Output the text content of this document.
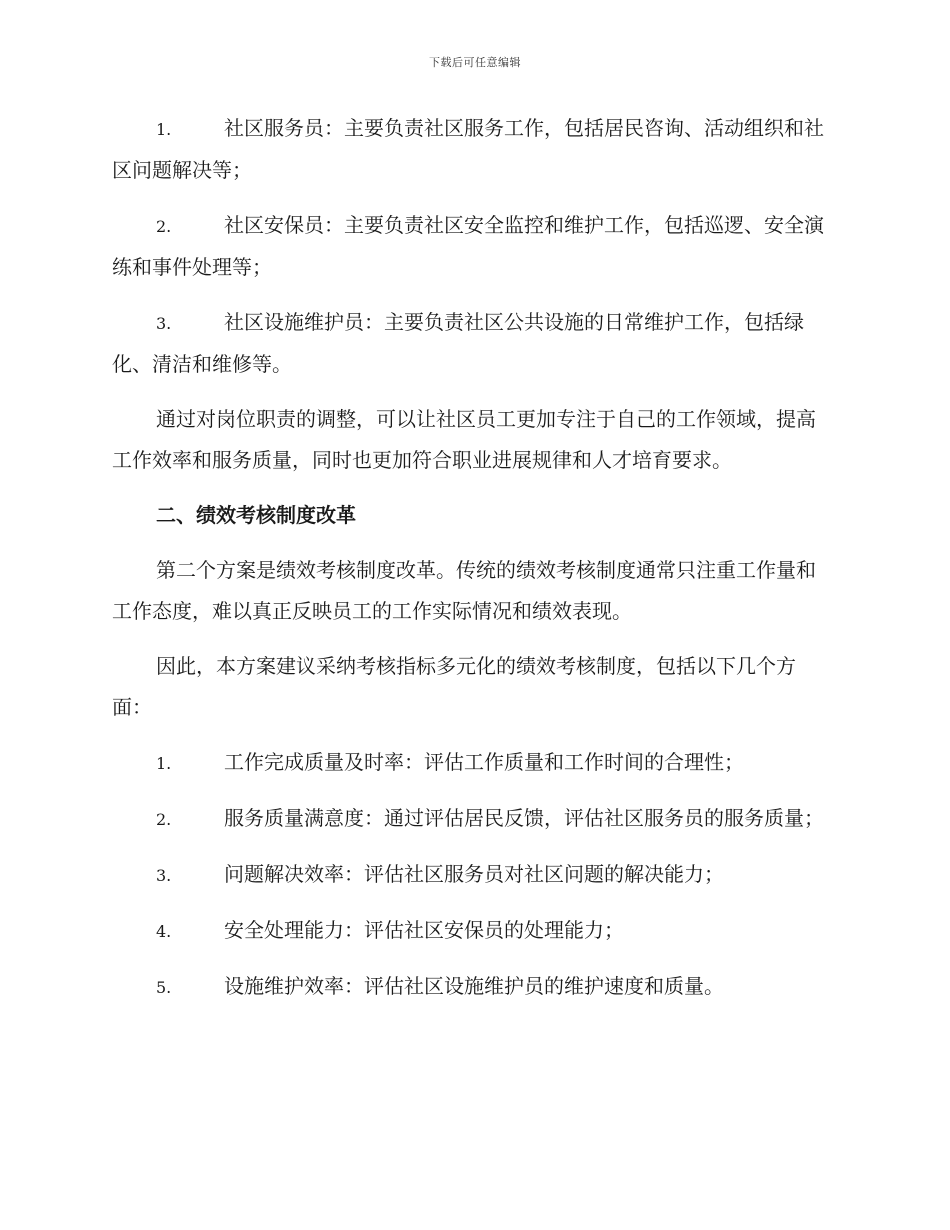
下载后可任意编辑

1.	社区服务员：主要负责社区服务工作，包括居民咨询、活动组织和社区问题解决等；

2.	社区安保员：主要负责社区安全监控和维护工作，包括巡逻、安全演练和事件处理等；

3.	社区设施维护员：主要负责社区公共设施的日常维护工作，包括绿化、清洁和维修等。

通过对岗位职责的调整，可以让社区员工更加专注于自己的工作领域，提高工作效率和服务质量，同时也更加符合职业进展规律和人才培育要求。

二、绩效考核制度改革

第二个方案是绩效考核制度改革。传统的绩效考核制度通常只注重工作量和工作态度，难以真正反映员工的工作实际情况和绩效表现。

因此，本方案建议采纳考核指标多元化的绩效考核制度，包括以下几个方面：

1.	工作完成质量及时率：评估工作质量和工作时间的合理性；

2.	服务质量满意度：通过评估居民反馈，评估社区服务员的服务质量；

3.	问题解决效率：评估社区服务员对社区问题的解决能力；

4.	安全处理能力：评估社区安保员的处理能力；

5.	设施维护效率：评估社区设施维护员的维护速度和质量。
